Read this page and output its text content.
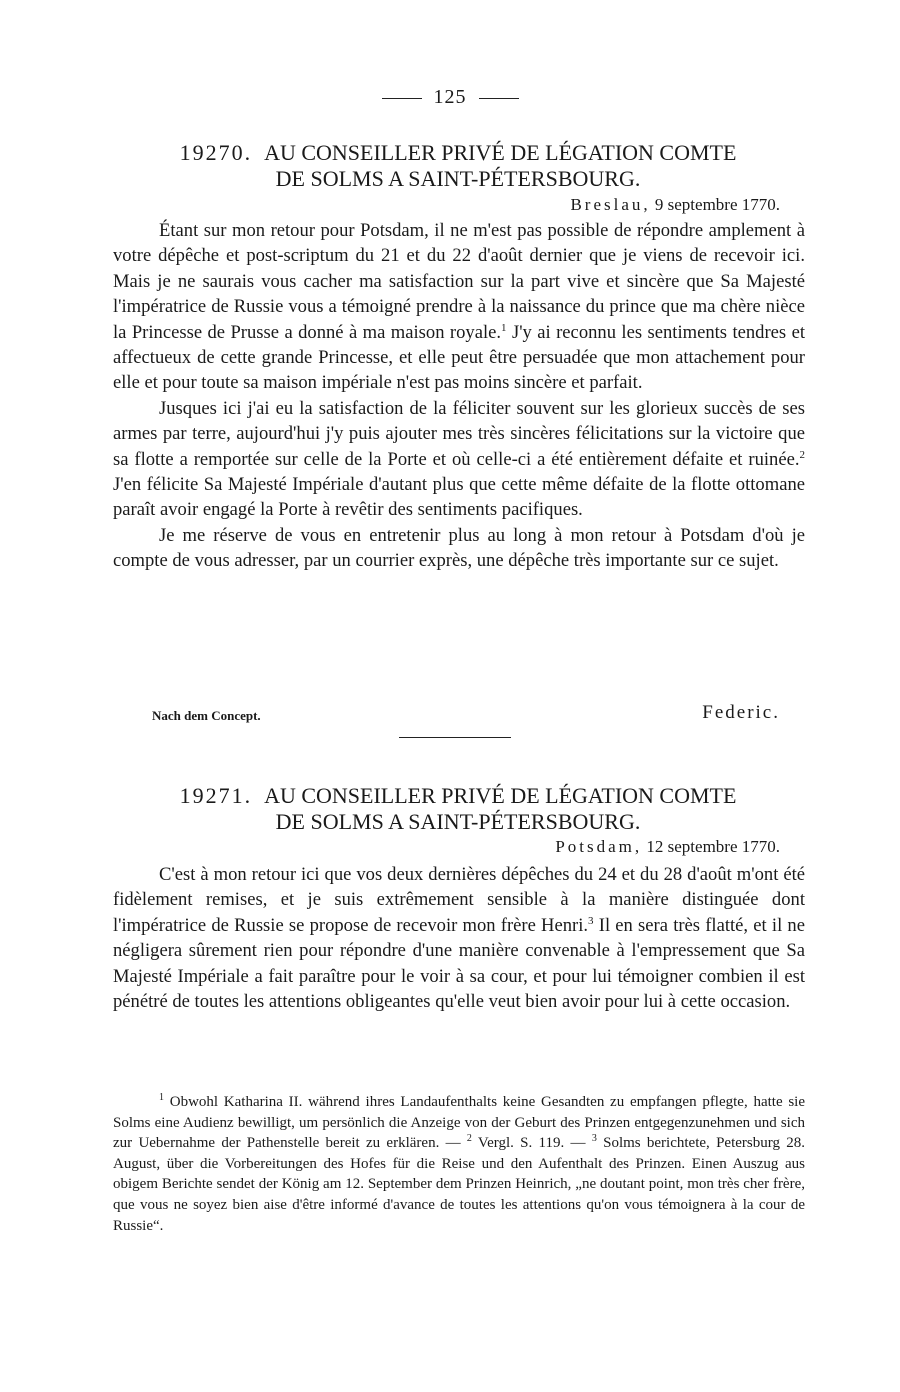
125
19270. AU CONSEILLER PRIVÉ DE LÉGATION COMTE
DE SOLMS A SAINT-PÉTERSBOURG.
Breslau, 9 septembre 1770.

Étant sur mon retour pour Potsdam, il ne m'est pas possible de répondre amplement à votre dépêche et post-scriptum du 21 et du 22 d'août dernier que je viens de recevoir ici. Mais je ne saurais vous cacher ma satisfaction sur la part vive et sincère que Sa Majesté l'impératrice de Russie vous a témoigné prendre à la naissance du prince que ma chère nièce la Princesse de Prusse a donné à ma maison royale.$^1$ J'y ai reconnu les sentiments tendres et affectueux de cette grande Princesse, et elle peut être persuadée que mon attachement pour elle et pour toute sa maison impériale n'est pas moins sincère et parfait.

Jusques ici j'ai eu la satisfaction de la féliciter souvent sur les glorieux succès de ses armes par terre, aujourd'hui j'y puis ajouter mes très sincères félicitations sur la victoire que sa flotte a remportée sur celle de la Porte et où celle-ci a été entièrement défaite et ruinée.$^2$ J'en félicite Sa Majesté Impériale d'autant plus que cette même défaite de la flotte ottomane paraît avoir engagé la Porte à revêtir des sentiments pacifiques.

Je me réserve de vous en entretenir plus au long à mon retour à Potsdam d'où je compte de vous adresser, par un courrier exprès, une dépêche très importante sur ce sujet.

Nach dem Concept.	Federic.
19271. AU CONSEILLER PRIVÉ DE LÉGATION COMTE
DE SOLMS A SAINT-PÉTERSBOURG.
Potsdam, 12 septembre 1770.

C'est à mon retour ici que vos deux dernières dépêches du 24 et du 28 d'août m'ont été fidèlement remises, et je suis extrêmement sensible à la manière distinguée dont l'impératrice de Russie se propose de recevoir mon frère Henri.$^3$ Il en sera très flatté, et il ne négligera sûrement rien pour répondre d'une manière convenable à l'empressement que Sa Majesté Impériale a fait paraître pour le voir à sa cour, et pour lui témoigner combien il est pénétré de toutes les attentions obligeantes qu'elle veut bien avoir pour lui à cette occasion.

$^1$ Obwohl Katharina II. während ihres Landaufenthalts keine Gesandten zu empfangen pflegte, hatte sie Solms eine Audienz bewilligt, um persönlich die Anzeige von der Geburt des Prinzen entgegenzunehmen und sich zur Uebernahme der Pathenstelle bereit zu erklären. — $^2$ Vergl. S. 119. — $^3$ Solms berichtete, Petersburg 28. August, über die Vorbereitungen des Hofes für die Reise und den Aufenthalt des Prinzen. Einen Auszug aus obigem Berichte sendet der König am 12. September dem Prinzen Heinrich, „ne doutant point, mon très cher frère, que vous ne soyez bien aise d'être informé d'avance de toutes les attentions qu'on vous témoignera à la cour de Russie“.
